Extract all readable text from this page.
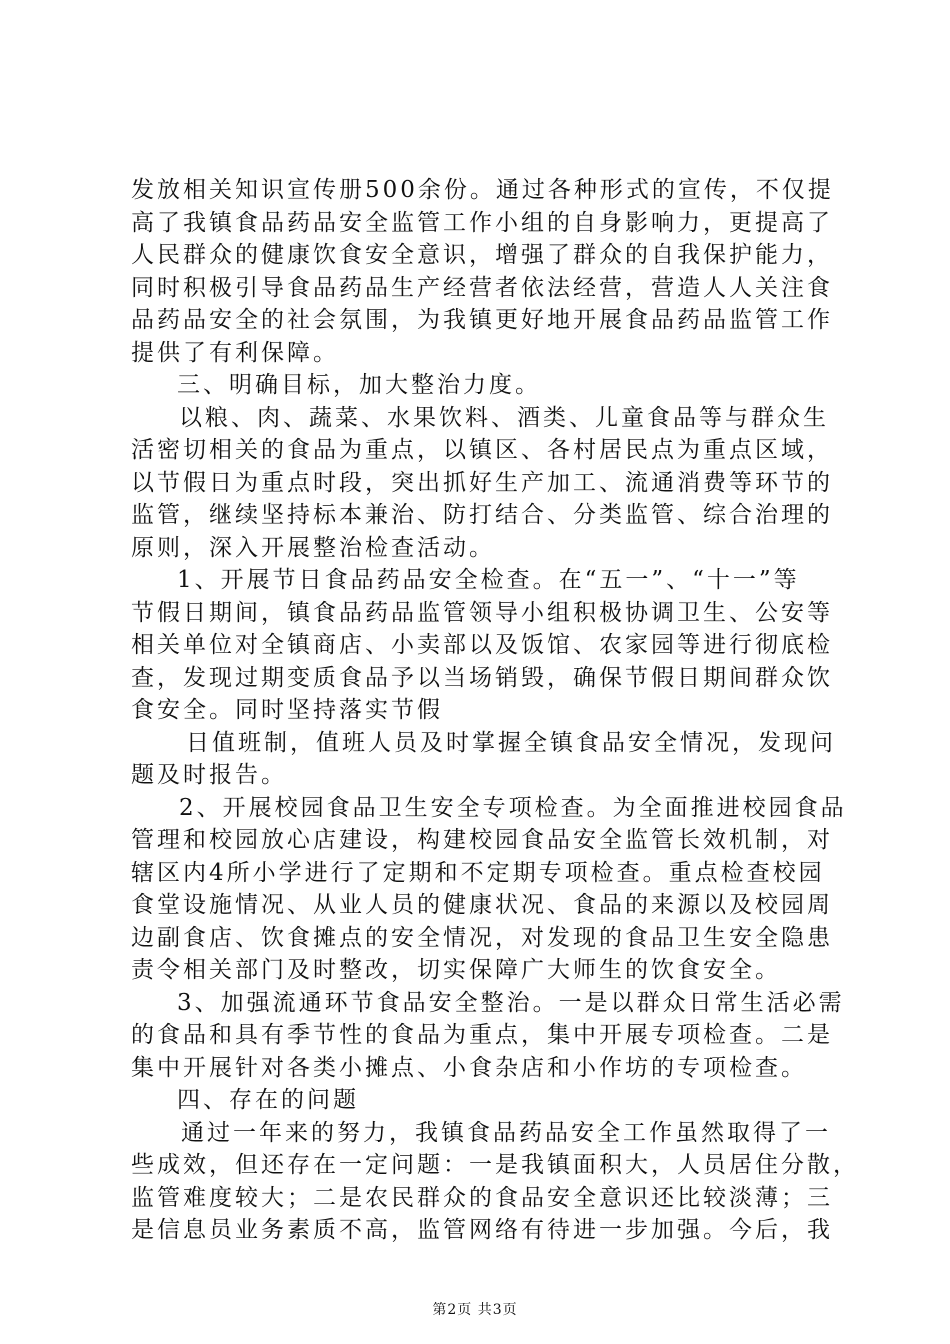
发放相关知识宣传册500余份。通过各种形式的宣传，不仅提
高了我镇食品药品安全监管工作小组的自身影响力，更提高了
人民群众的健康饮食安全意识，增强了群众的自我保护能力，
同时积极引导食品药品生产经营者依法经营，营造人人关注食
品药品安全的社会氛围，为我镇更好地开展食品药品监管工作
提供了有利保障。
三、明确目标，加大整治力度。
以粮、肉、蔬菜、水果饮料、酒类、儿童食品等与群众生
活密切相关的食品为重点，以镇区、各村居民点为重点区域，
以节假日为重点时段，突出抓好生产加工、流通消费等环节的
监管，继续坚持标本兼治、防打结合、分类监管、综合治理的
原则，深入开展整治检查活动。
1、开展节日食品药品安全检查。在“五一”、“十一”等
节假日期间，镇食品药品监管领导小组积极协调卫生、公安等
相关单位对全镇商店、小卖部以及饭馆、农家园等进行彻底检
查，发现过期变质食品予以当场销毁，确保节假日期间群众饮
食安全。同时坚持落实节假
日值班制，值班人员及时掌握全镇食品安全情况，发现问
题及时报告。
2、开展校园食品卫生安全专项检查。为全面推进校园食品
管理和校园放心店建设，构建校园食品安全监管长效机制，对
辖区内4所小学进行了定期和不定期专项检查。重点检查校园
食堂设施情况、从业人员的健康状况、食品的来源以及校园周
边副食店、饮食摊点的安全情况，对发现的食品卫生安全隐患
责令相关部门及时整改，切实保障广大师生的饮食安全。
3、加强流通环节食品安全整治。一是以群众日常生活必需
的食品和具有季节性的食品为重点，集中开展专项检查。二是
集中开展针对各类小摊点、小食杂店和小作坊的专项检查。
四、存在的问题
通过一年来的努力，我镇食品药品安全工作虽然取得了一
些成效，但还存在一定问题：一是我镇面积大，人员居住分散，
监管难度较大；二是农民群众的食品安全意识还比较淡薄；三
是信息员业务素质不高，监管网络有待进一步加强。今后，我
第2页 共3页
